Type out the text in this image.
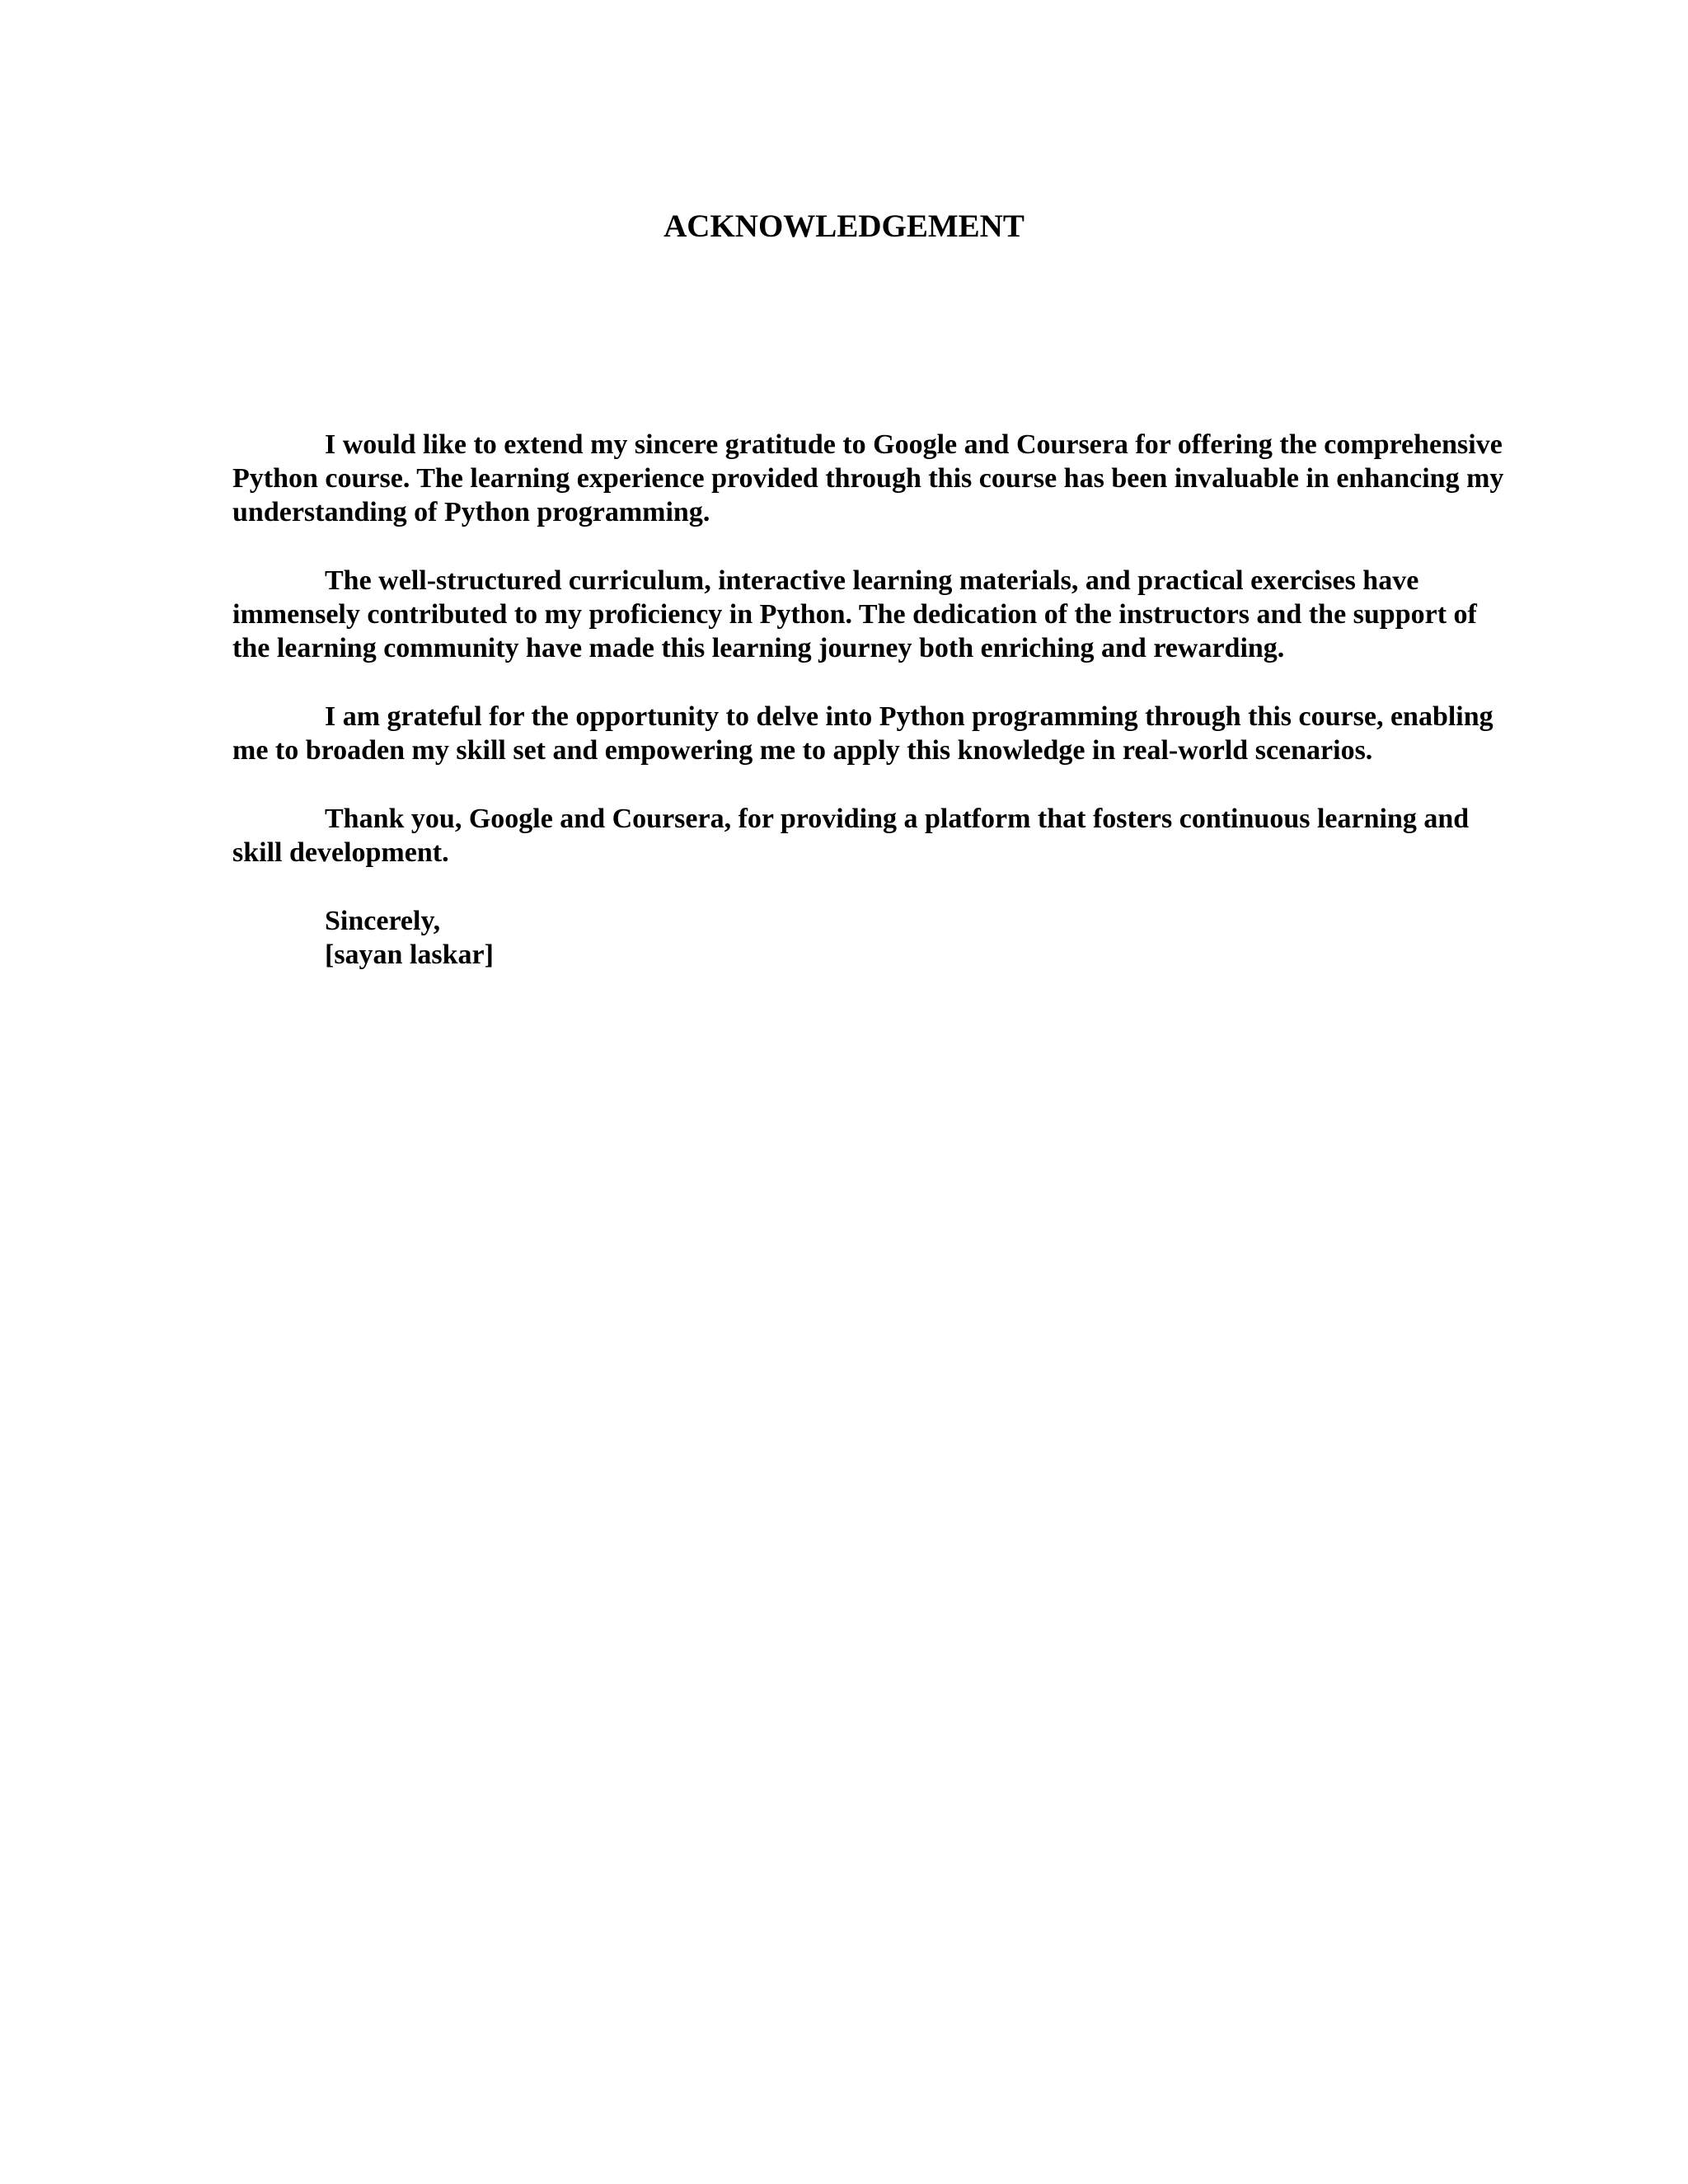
ACKNOWLEDGEMENT

I would like to extend my sincere gratitude to Google and Coursera for offering the comprehensive Python course. The learning experience provided through this course has been invaluable in enhancing my understanding of Python programming.

The well-structured curriculum, interactive learning materials, and practical exercises have immensely contributed to my proficiency in Python. The dedication of the instructors and the support of the learning community have made this learning journey both enriching and rewarding.

I am grateful for the opportunity to delve into Python programming through this course, enabling me to broaden my skill set and empowering me to apply this knowledge in real-world scenarios.

Thank you, Google and Coursera, for providing a platform that fosters continuous learning and skill development.

Sincerely,
[sayan laskar]
